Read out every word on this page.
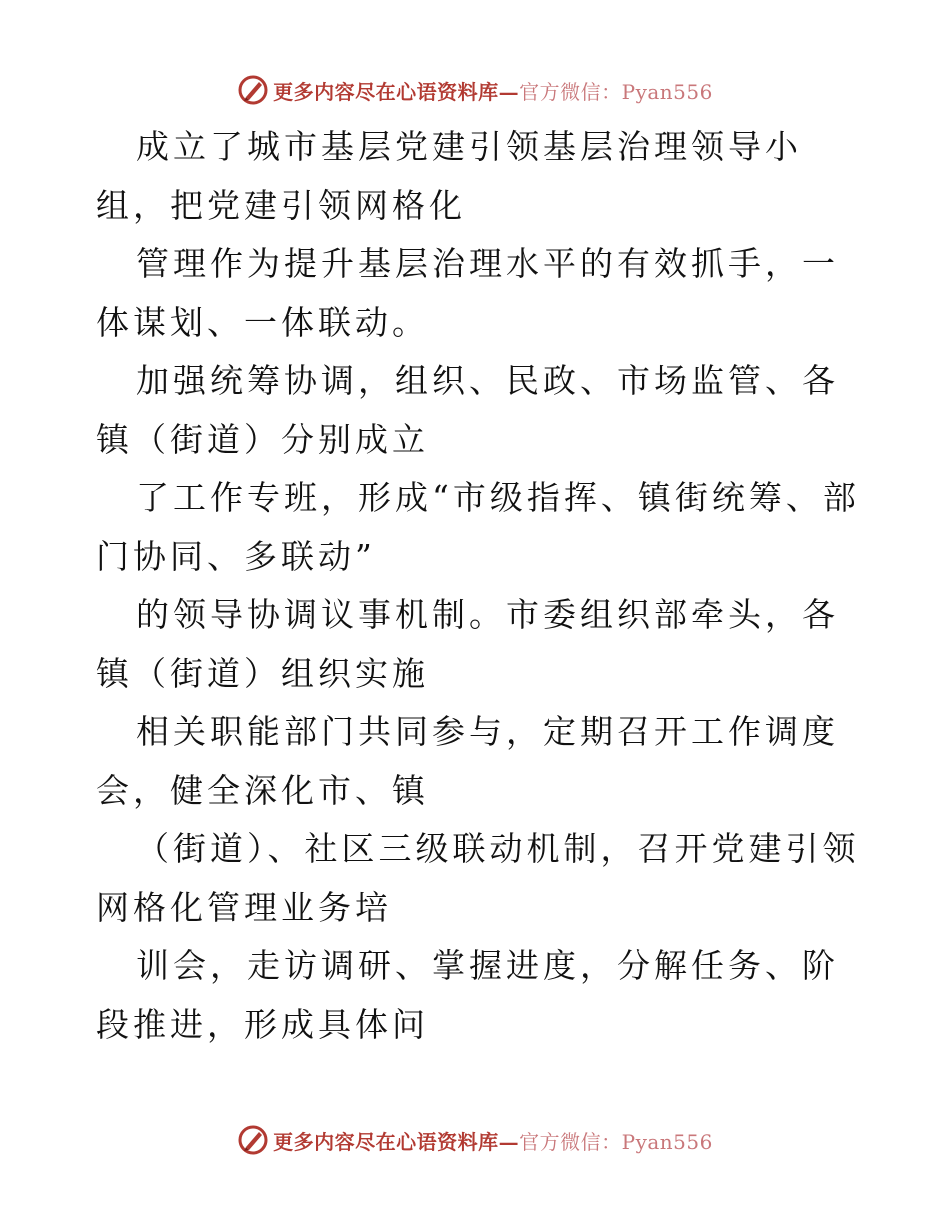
更多内容尽在心语资料库—官方微信：Pyan556

成立了城市基层党建引领基层治理领导小组，把党建引领网格化

管理作为提升基层治理水平的有效抓手，一体谋划、一体联动。

加强统筹协调，组织、民政、市场监管、各镇（街道）分别成立

了工作专班，形成“市级指挥、镇街统筹、部门协同、多联动”

的领导协调议事机制。市委组织部牵头，各镇（街道）组织实施

相关职能部门共同参与，定期召开工作调度会，健全深化市、镇

（街道）、社区三级联动机制，召开党建引领网格化管理业务培

训会，走访调研、掌握进度，分解任务、阶段推进，形成具体问

更多内容尽在心语资料库—官方微信：Pyan556
